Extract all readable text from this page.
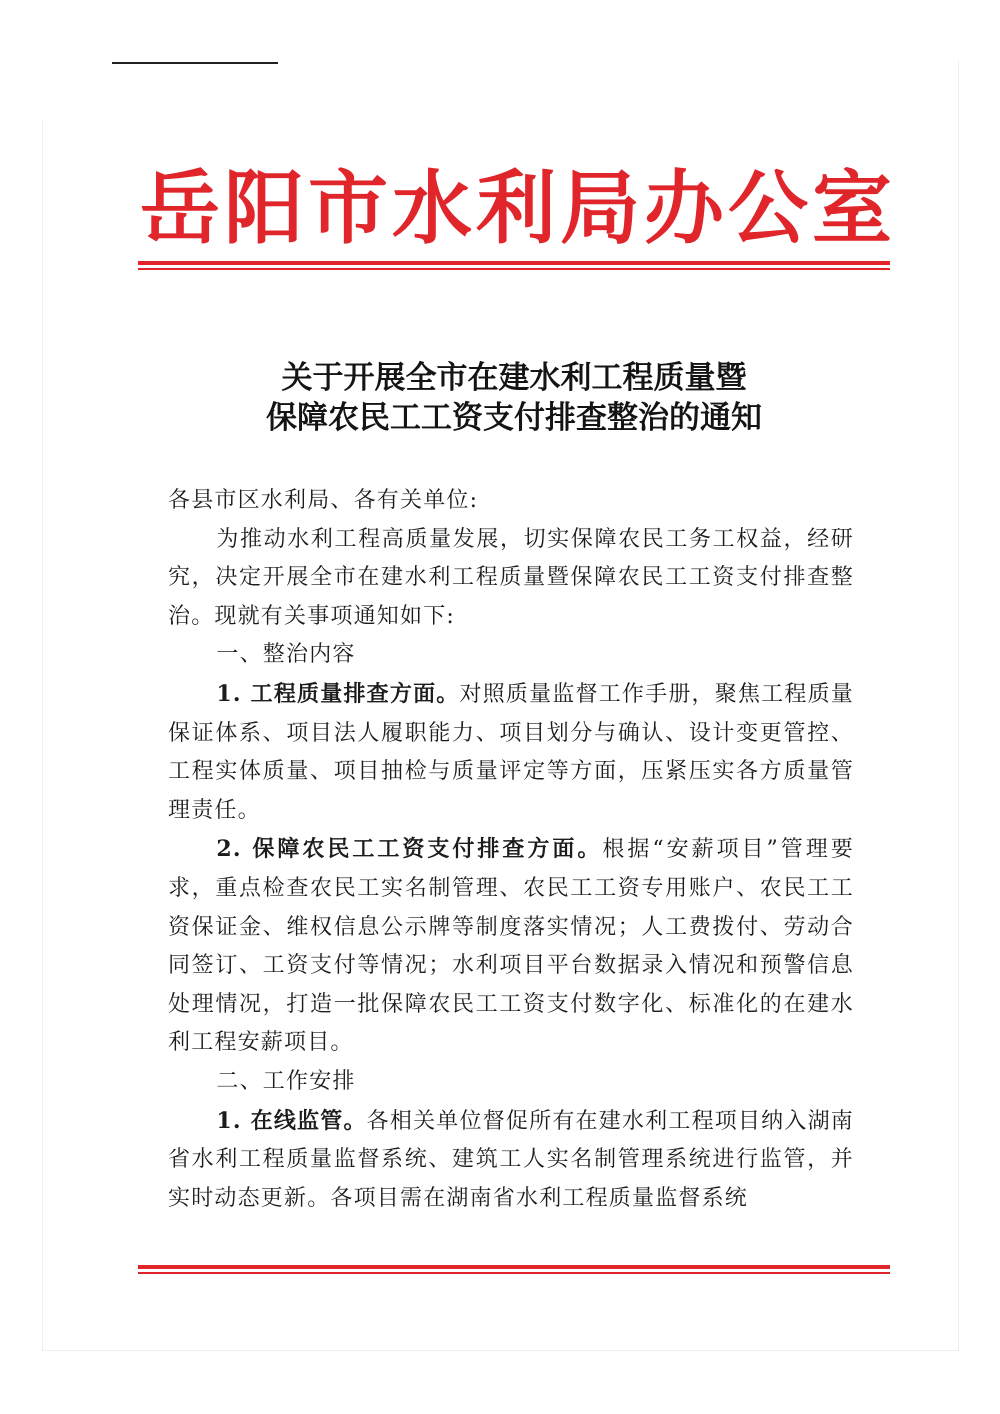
岳阳市水利局办公室
关于开展全市在建水利工程质量暨
保障农民工工资支付排查整治的通知

各县市区水利局、各有关单位:

为推动水利工程高质量发展，切实保障农民工务工权益，经研究，决定开展全市在建水利工程质量暨保障农民工工资支付排查整治。现就有关事项通知如下:

一、整治内容

1. 工程质量排查方面。对照质量监督工作手册，聚焦工程质量保证体系、项目法人履职能力、项目划分与确认、设计变更管控、工程实体质量、项目抽检与质量评定等方面，压紧压实各方质量管理责任。

2. 保障农民工工资支付排查方面。根据“安薪项目”管理要求，重点检查农民工实名制管理、农民工工资专用账户、农民工工资保证金、维权信息公示牌等制度落实情况；人工费拨付、劳动合同签订、工资支付等情况；水利项目平台数据录入情况和预警信息处理情况，打造一批保障农民工工资支付数字化、标准化的在建水利工程安薪项目。

二、工作安排

1. 在线监管。各相关单位督促所有在建水利工程项目纳入湖南省水利工程质量监督系统、建筑工人实名制管理系统进行监管，并实时动态更新。各项目需在湖南省水利工程质量监督系统
